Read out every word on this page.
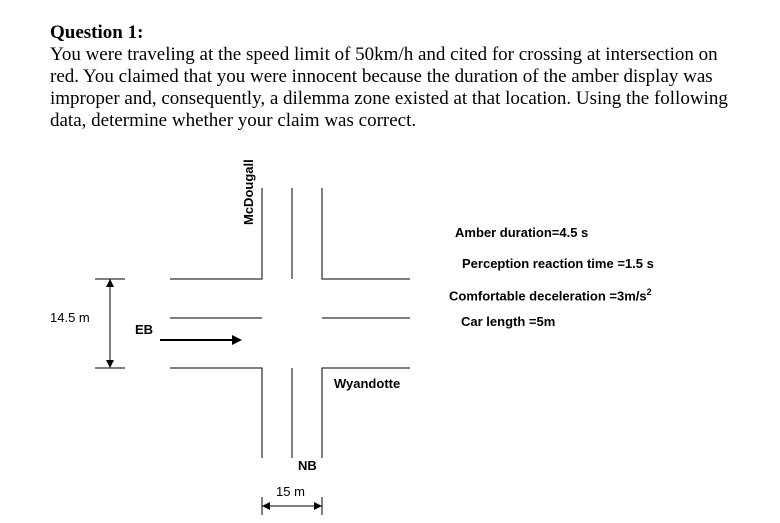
Question 1:
You were traveling at the speed limit of 50km/h and cited for crossing at intersection on
red. You claimed that you were innocent because the duration of the amber display was
improper and, consequently, a dilemma zone existed at that location. Using the following
data, determine whether your claim was correct.
McDougall
Wyandotte
EB
NB
14.5 m
15 m
Amber duration=4.5 s
Perception reaction time =1.5 s
Comfortable deceleration $=3m/s^2$
Car length =5m
